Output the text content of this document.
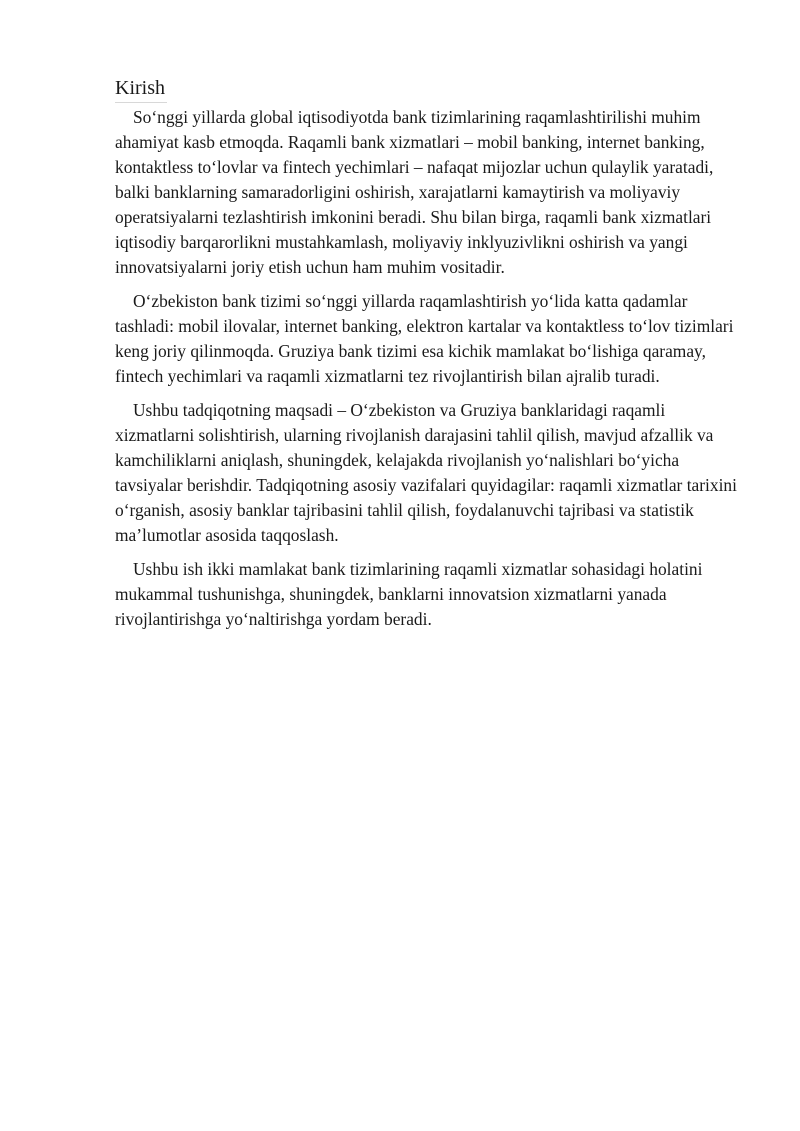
Kirish

So‘nggi yillarda global iqtisodiyotda bank tizimlarining raqamlashtirilishi muhim ahamiyat kasb etmoqda. Raqamli bank xizmatlari – mobil banking, internet banking, kontaktless to‘lovlar va fintech yechimlari – nafaqat mijozlar uchun qulaylik yaratadi, balki banklarning samaradorligini oshirish, xarajatlarni kamaytirish va moliyaviy operatsiyalarni tezlashtirish imkonini beradi. Shu bilan birga, raqamli bank xizmatlari iqtisodiy barqarorlikni mustahkamlash, moliyaviy inklyuzivlikni oshirish va yangi innovatsiyalarni joriy etish uchun ham muhim vositadir.

O‘zbekiston bank tizimi so‘nggi yillarda raqamlashtirish yo‘lida katta qadamlar tashladi: mobil ilovalar, internet banking, elektron kartalar va kontaktless to‘lov tizimlari keng joriy qilinmoqda. Gruziya bank tizimi esa kichik mamlakat bo‘lishiga qaramay, fintech yechimlari va raqamli xizmatlarni tez rivojlantirish bilan ajralib turadi.

Ushbu tadqiqotning maqsadi – O‘zbekiston va Gruziya banklaridagi raqamli xizmatlarni solishtirish, ularning rivojlanish darajasini tahlil qilish, mavjud afzallik va kamchiliklarni aniqlash, shuningdek, kelajakda rivojlanish yo‘nalishlari bo‘yicha tavsiyalar berishdir. Tadqiqotning asosiy vazifalari quyidagilar: raqamli xizmatlar tarixini o‘rganish, asosiy banklar tajribasini tahlil qilish, foydalanuvchi tajribasi va statistik ma’lumotlar asosida taqqoslash.

Ushbu ish ikki mamlakat bank tizimlarining raqamli xizmatlar sohasidagi holatini mukammal tushunishga, shuningdek, banklarni innovatsion xizmatlarni yanada rivojlantirishga yo‘naltirishga yordam beradi.
